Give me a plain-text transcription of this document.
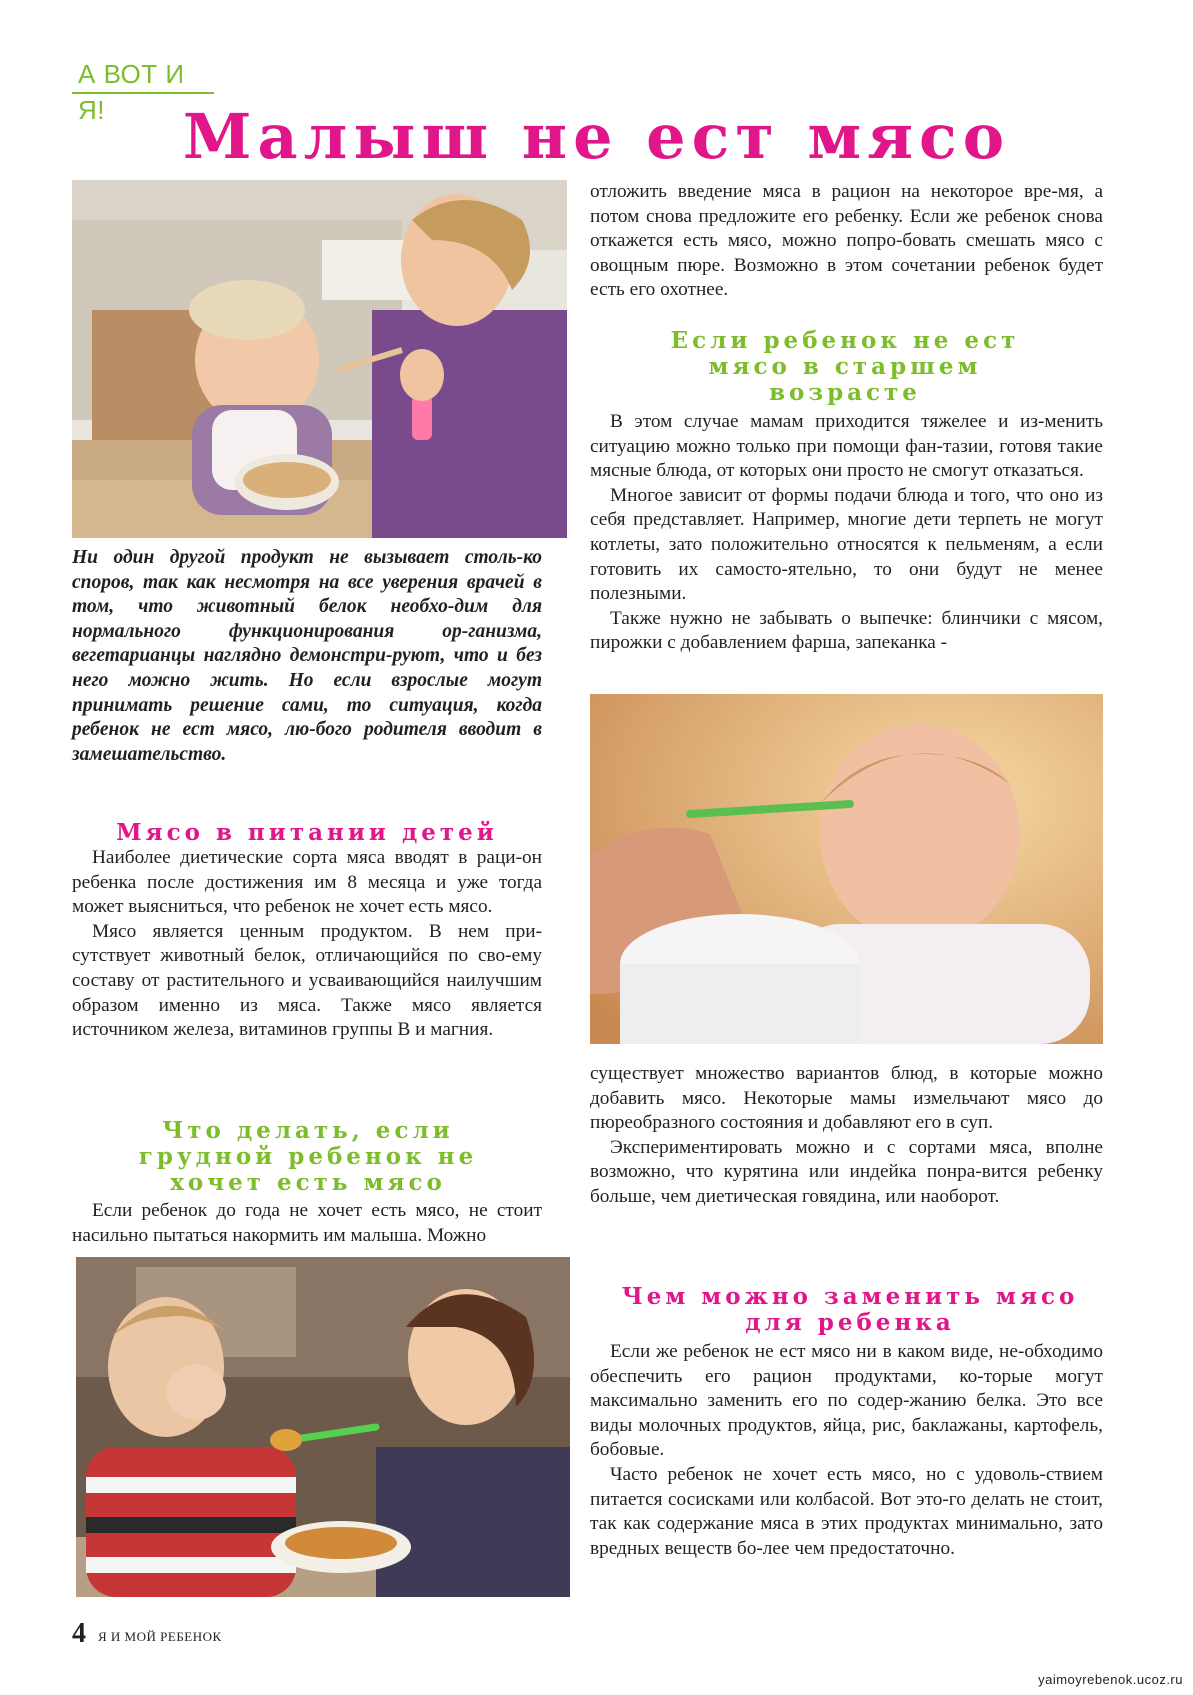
А ВОТ И Я!	Малыш не ест мясо

Ни один другой продукт не вызывает столь-ко споров, так как несмотря на все уверения врачей в том, что животный белок необхо-дим для нормального функционирования ор-ганизма, вегетарианцы наглядно демонстри-руют, что и без него можно жить. Но если взрослые могут принимать решение сами, то ситуация, когда ребенок не ест мясо, лю-бого родителя вводит в замешательство.

Мясо в питании детей

Наиболее диетические сорта мяса вводят в раци-он ребенка после достижения им 8 месяца и уже тогда может выясниться, что ребенок не хочет есть мясо.

Мясо является ценным продуктом. В нем при-сутствует животный белок, отличающийся по сво-ему составу от растительного и усваивающийся наилучшим образом именно из мяса. Также мясо является источником железа, витаминов группы В и магния.

Что делать, если грудной ребенок не хочет есть мясо

Если ребенок до года не хочет есть мясо, не стоит насильно пытаться накормить им малыша. Можно

отложить введение мяса в рацион на некоторое вре-мя, а потом снова предложите его ребенку. Если же ребенок снова откажется есть мясо, можно попро-бовать смешать мясо с овощным пюре. Возможно в этом сочетании ребенок будет есть его охотнее.

Если ребенок не ест мясо в старшем возрасте

В этом случае мамам приходится тяжелее и из-менить ситуацию можно только при помощи фан-тазии, готовя такие мясные блюда, от которых они просто не смогут отказаться.

Многое зависит от формы подачи блюда и того, что оно из себя представляет. Например, многие дети терпеть не могут котлеты, зато положительно относятся к пельменям, а если готовить их самосто-ятельно, то они будут не менее полезными.

Также нужно не забывать о выпечке: блинчики с мясом, пирожки с добавлением фарша, запеканка -

существует множество вариантов блюд, в которые можно добавить мясо. Некоторые мамы измельчают мясо до пюреобразного состояния и добавляют его в суп.

Экспериментировать можно и с сортами мяса, вполне возможно, что курятина или индейка понра-вится ребенку больше, чем диетическая говядина, или наоборот.

Чем можно заменить мясо для ребенка

Если же ребенок не ест мясо ни в каком виде, не-обходимо обеспечить его рацион продуктами, ко-торые могут максимально заменить его по содер-жанию белка. Это все виды молочных продуктов, яйца, рис, баклажаны, картофель, бобовые.

Часто ребенок не хочет есть мясо, но с удоволь-ствием питается сосисками или колбасой. Вот это-го делать не стоит, так как содержание мяса в этих продуктах минимально, зато вредных веществ бо-лее чем предостаточно.

4 Я И МОЙ РЕБЕНОК
yaimoyrebenok.ucoz.ru
